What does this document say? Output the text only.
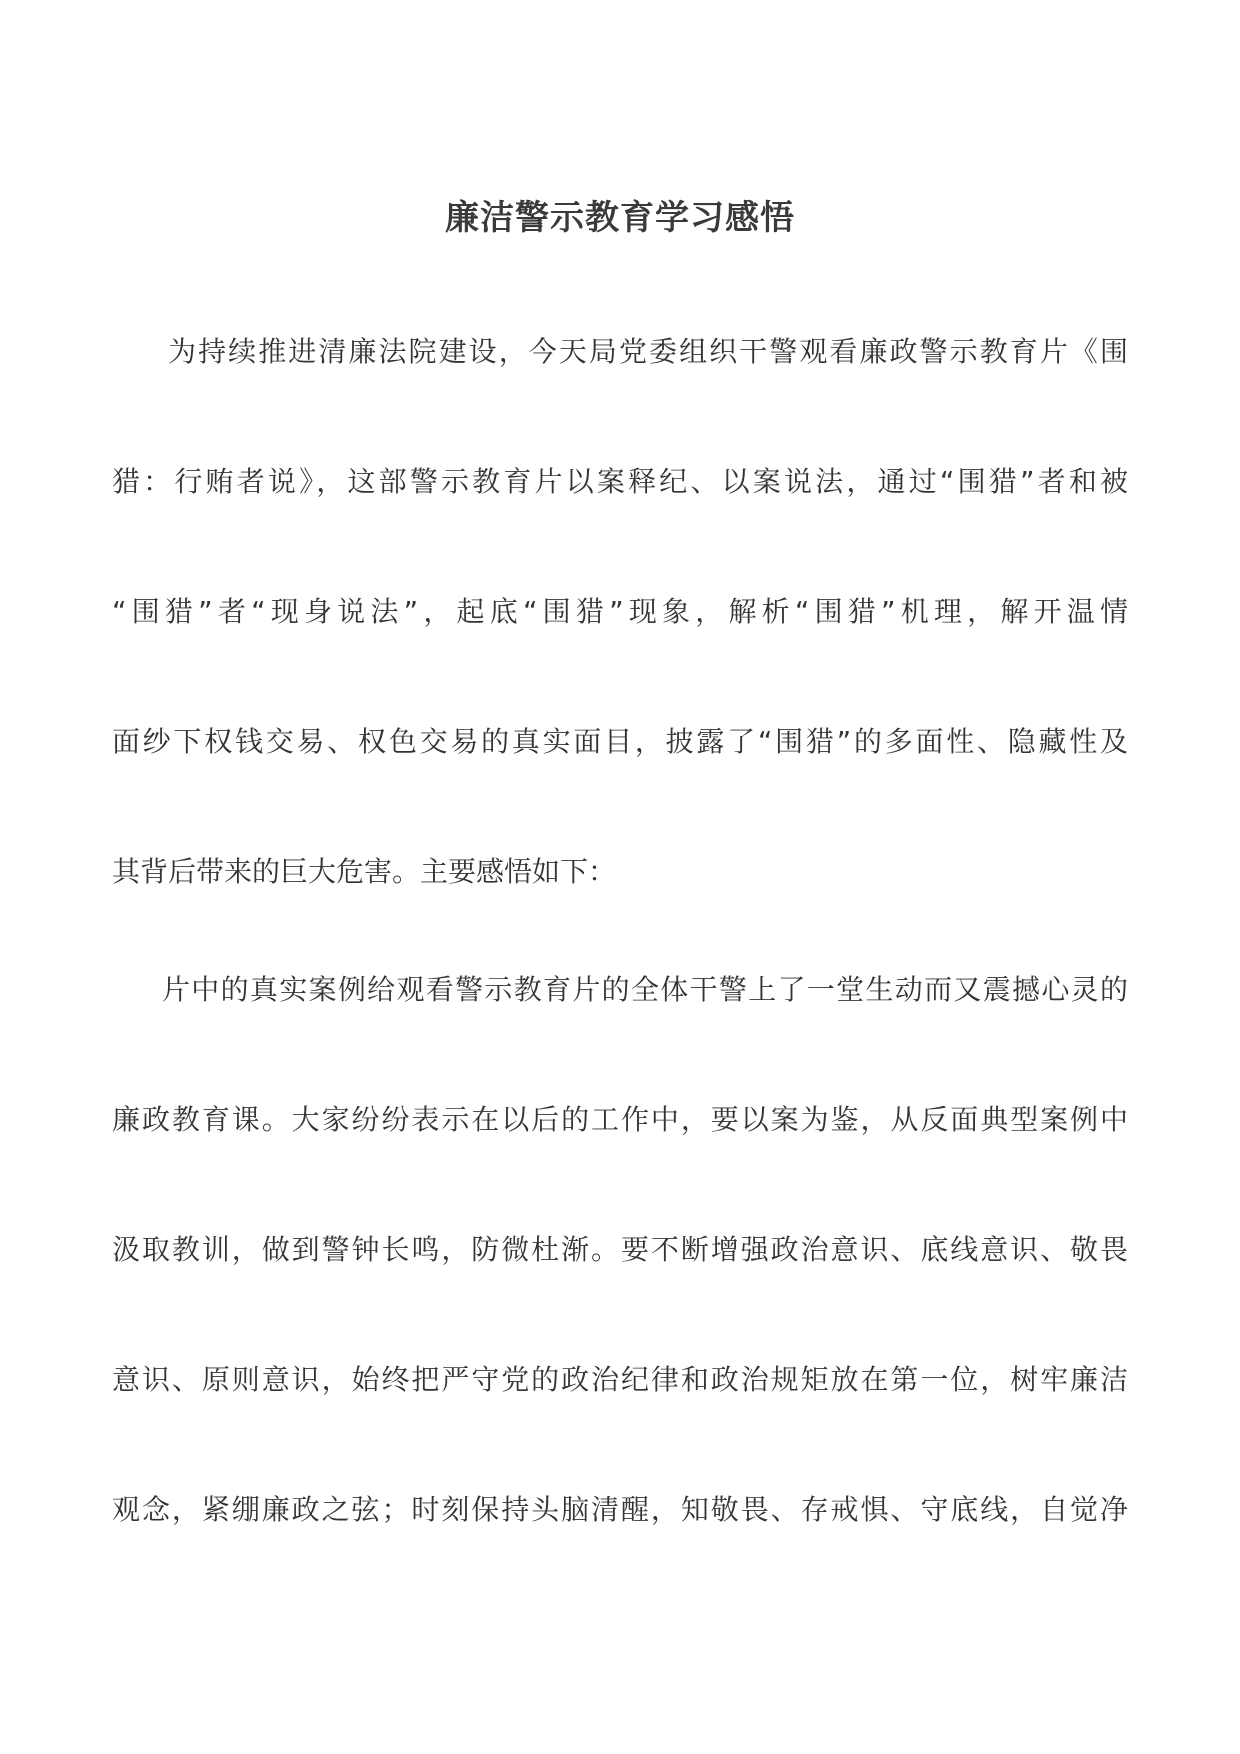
廉洁警示教育学习感悟
为持续推进清廉法院建设，今天局党委组织干警观看廉政警示教育片《围
猎：行贿者说》，这部警示教育片以案释纪、以案说法，通过“围猎”者和被
“围猎”者“现身说法”，起底“围猎”现象，解析“围猎”机理，解开温情
面纱下权钱交易、权色交易的真实面目，披露了“围猎”的多面性、隐藏性及
其背后带来的巨大危害。主要感悟如下：
片中的真实案例给观看警示教育片的全体干警上了一堂生动而又震撼心灵的
廉政教育课。大家纷纷表示在以后的工作中，要以案为鉴，从反面典型案例中
汲取教训，做到警钟长鸣，防微杜渐。要不断增强政治意识、底线意识、敬畏
意识、原则意识，始终把严守党的政治纪律和政治规矩放在第一位，树牢廉洁
观念，紧绷廉政之弦；时刻保持头脑清醒，知敬畏、存戒惧、守底线，自觉净
